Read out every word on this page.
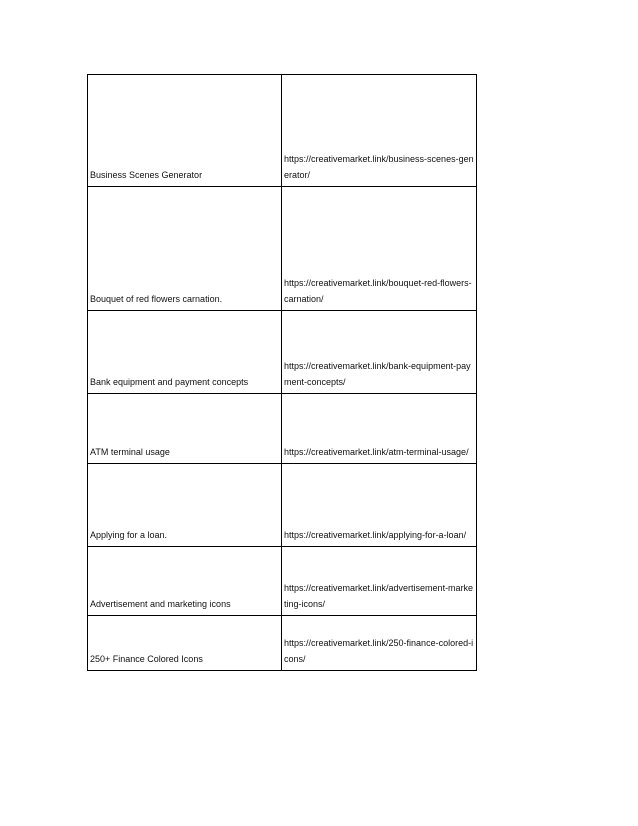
Business Scenes Generator	https://creativemarket.link/business-scenes-generator/

Bouquet of red flowers carnation.	https://creativemarket.link/bouquet-red-flowers-carnation/

Bank equipment and payment concepts	https://creativemarket.link/bank-equipment-payment-concepts/

ATM terminal usage	https://creativemarket.link/atm-terminal-usage/

Applying for a loan.	https://creativemarket.link/applying-for-a-loan/

Advertisement and marketing icons	https://creativemarket.link/advertisement-marketing-icons/

250+ Finance Colored Icons	https://creativemarket.link/250-finance-colored-icons/
